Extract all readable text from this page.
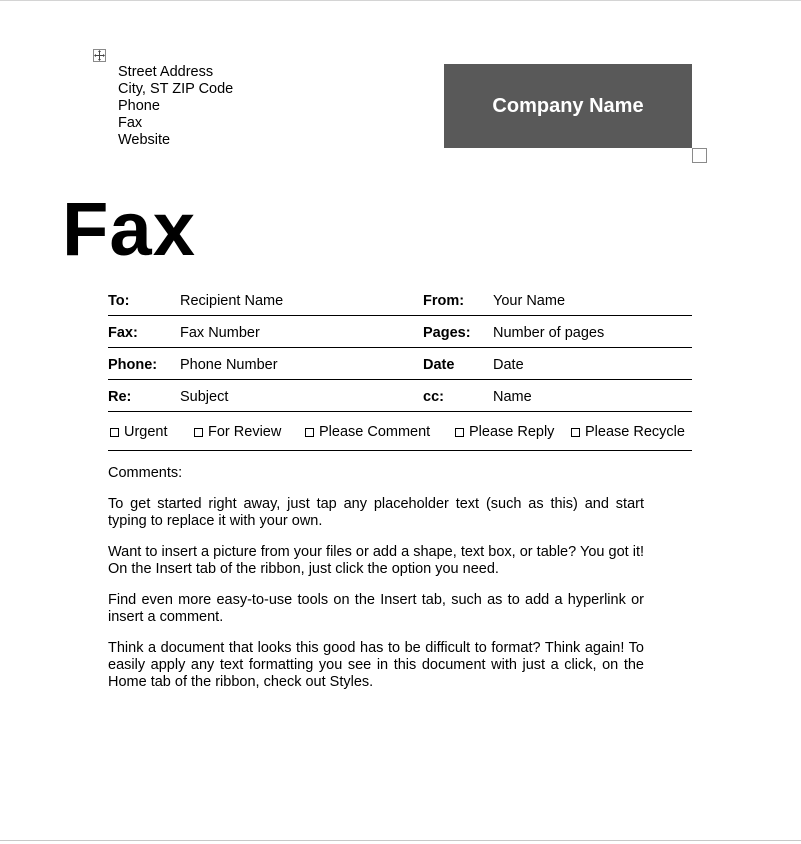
Street Address
City, ST ZIP Code
Phone
Fax
Website
Company Name
Fax
To:	Recipient Name	From: Your Name
Fax:	Fax Number	Pages: Number of pages
Phone: Phone Number	Date	Date
Re:	Subject	cc:	Name
Urgent	For Review	Please Comment	Please Reply Please Recycle

Comments:

To get started right away, just tap any placeholder text (such as this) and start typing to replace it with your own.

Want to insert a picture from your files or add a shape, text box, or table? You got it! On the Insert tab of the ribbon, just click the option you need.

Find even more easy-to-use tools on the Insert tab, such as to add a hyperlink or insert a comment.

Think a document that looks this good has to be difficult to format? Think again! To easily apply any text formatting you see in this document with just a click, on the Home tab of the ribbon, check out Styles.
